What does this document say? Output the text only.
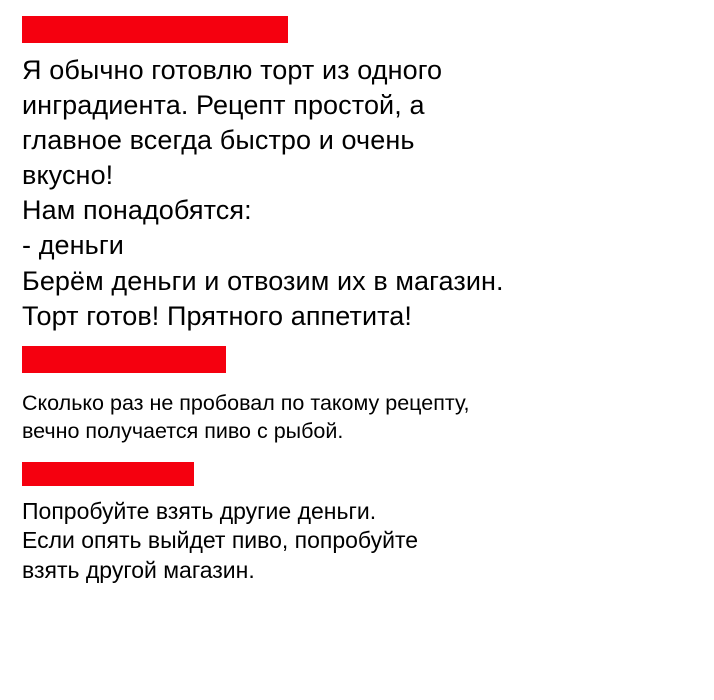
Я обычно готовлю торт из одного
инградиента. Рецепт простой, а
главное всегда быстро и очень
вкусно!
Нам понадобятся:
- деньги
Берём деньги и отвозим их в магазин.
Торт готов! Прятного аппетита!
Сколько раз не пробовал по такому рецепту,
вечно получается пиво с рыбой.
Попробуйте взять другие деньги.
Если опять выйдет пиво, попробуйте
взять другой магазин.
